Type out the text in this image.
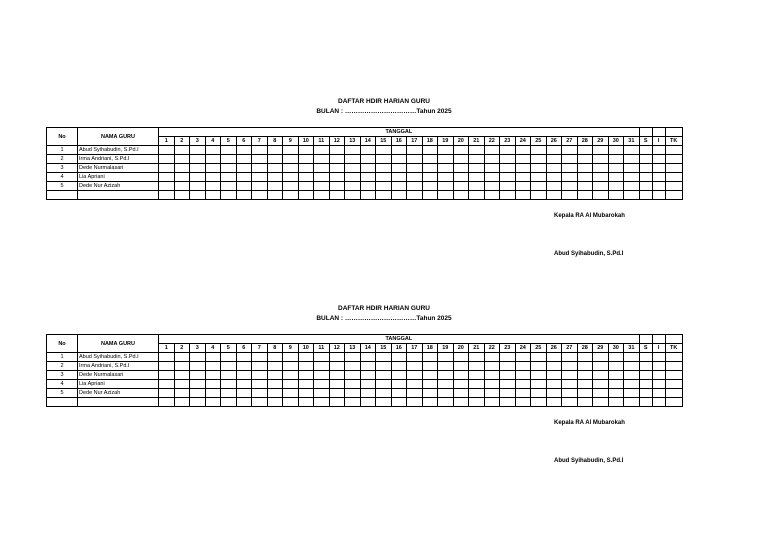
DAFTAR HDIR HARIAN GURU
BULAN : ……………………………Tahun 2025
No	NAMA GURU	TANGGAL																																	
		1	2	3	4	5	6	7	8	9	10	11	12	13	14	15	16	17	18	19	20	21	22	23	24	25	26	27	28	29	30	31	S	I	TK
1	Abud Syihabudin, S.Pd.I																																		
2	Irma Andriani, S.Pd.I																																		
3	Dede Nurmalasari																																		
4	Lia Apriani																																		
5	Dede Nur Azizah																																		

Kepala RA Al Mubarokah
Abud Syihabudin, S.Pd.I
DAFTAR HDIR HARIAN GURU
BULAN : ……………………………Tahun 2025
No	NAMA GURU	TANGGAL																																	
		1	2	3	4	5	6	7	8	9	10	11	12	13	14	15	16	17	18	19	20	21	22	23	24	25	26	27	28	29	30	31	S	I	TK
1	Abud Syihabudin, S.Pd.I																																		
2	Irma Andriani, S.Pd.I																																		
3	Dede Nurmalasari																																		
4	Lia Apriani																																		
5	Dede Nur Azizah																																		

Kepala RA Al Mubarokah
Abud Syihabudin, S.Pd.I
